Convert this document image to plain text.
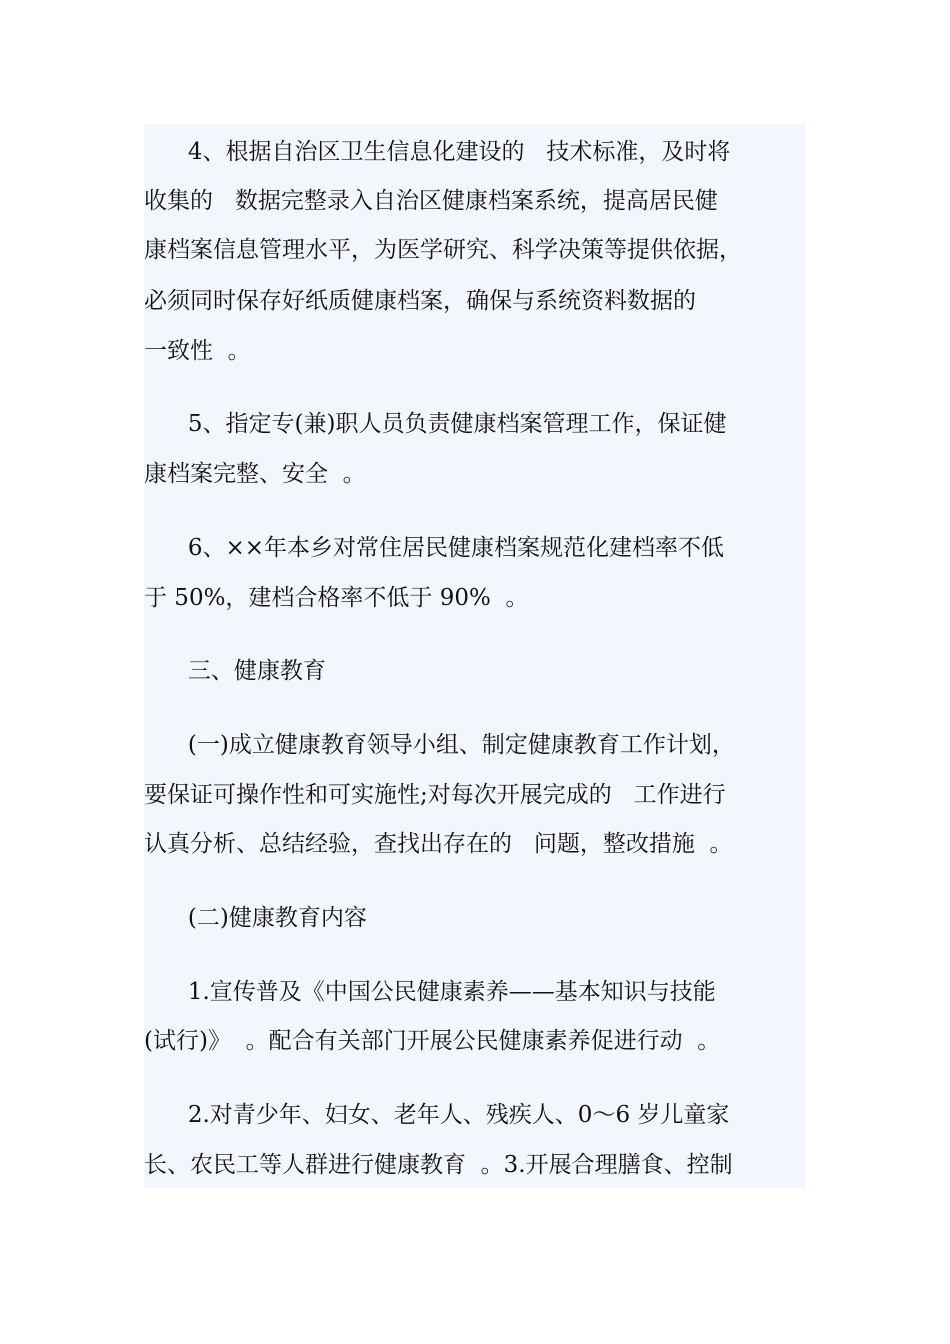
4、根据自治区卫生信息化建设的   技术标准，及时将
收集的   数据完整录入自治区健康档案系统，提高居民健
康档案信息管理水平，为医学研究、科学决策等提供依据，
必须同时保存好纸质健康档案，确保与系统资料数据的
一致性  。
5、指定专(兼)职人员负责健康档案管理工作，保证健
康档案完整、安全  。
6、××年本乡对常住居民健康档案规范化建档率不低
于 50%，建档合格率不低于 90%  。
三、健康教育
(一)成立健康教育领导小组、制定健康教育工作计划，
要保证可操作性和可实施性;对每次开展完成的   工作进行
认真分析、总结经验，查找出存在的   问题，整改措施  。
(二)健康教育内容
1.宣传普及《中国公民健康素养——基本知识与技能
(试行)》  。配合有关部门开展公民健康素养促进行动  。
2.对青少年、妇女、老年人、残疾人、0～6 岁儿童家
长、农民工等人群进行健康教育  。3.开展合理膳食、控制
